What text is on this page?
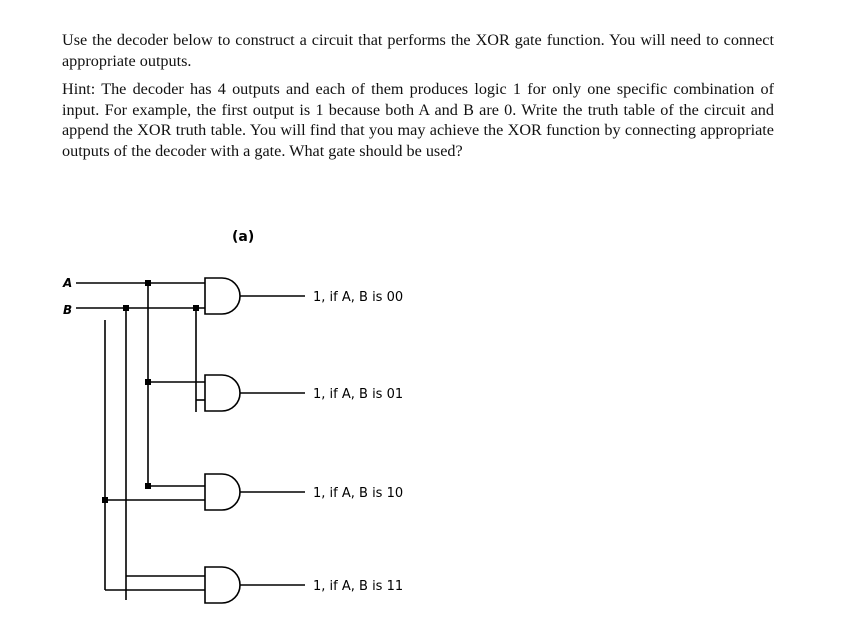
Use the decoder below to construct a circuit that performs the XOR gate function. You will need to connect appropriate outputs.

Hint: The decoder has 4 outputs and each of them produces logic 1 for only one specific combination of input. For example, the first output is 1 because both A and B are 0. Write the truth table of the circuit and append the XOR truth table. You will find that you may achieve the XOR function by connecting appropriate outputs of the decoder with a gate. What gate should be used?

(a)
A
B
1, if A, B is 00
1, if A, B is 01
1, if A, B is 10
1, if A, B is 11
